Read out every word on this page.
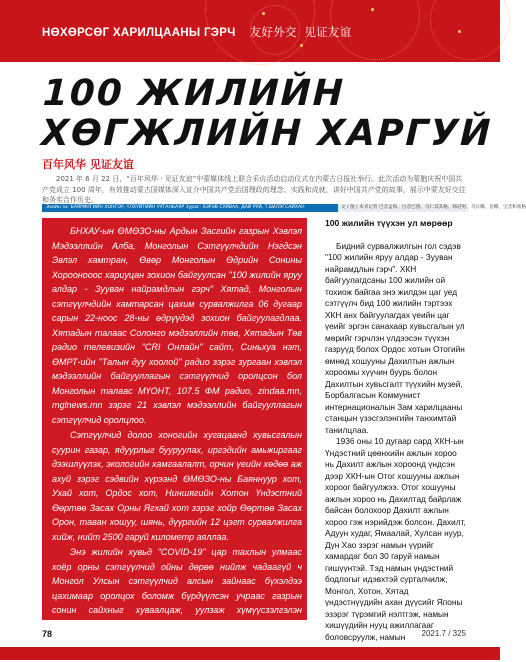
НӨХӨРСӨГ ХАРИЛЦААНЫ ГЭРЧ 友好外交 见证友谊
100 ЖИЛИЙН
ХӨГЖЛИЙН ХАРГУЙ
百年风华 见证友谊
2021 年 6 月 22 日，“百年风华 · 见证友谊”中蒙媒体线上联合采访活动启动仪式在内蒙古日报社举行。此次活动为蒙胞庆祝中国共产党成立 100 周年，有效推动蒙古国媒体深入宣介中国共产党治国理政的理念、实践和成就，讲好中国共产党的故事，展示中蒙友好交往和务实合作历史。
Эхийн эх: БАЯРИНГИЙН ХОНГОР, ҮЛХҮЙТИЙН УУГАНБАЯР Зураг: ХЭРЭВ СУЙВАА, ДАЙ РУЙ, Т.БИЛЭГСАЙХАН	文 / 图 | 本刊记者 巴音孟和、白音巴图、乌仁其其格、韩冠男、乌日娜、倍娜、宝音和希格

БНХАУ-ын ӨМӨЗО-ны Ардын Засгийн газрын Хэвлэл Мэдээллийн Алба, Монголын Сэтгүүлчдийн Нэгдсэн Эвлэл хамтран, Өвөр Монголын Өдрийн Сонины Хороонооос хариуцан зохион байгуулсан "100 жилийн яруу алдар - Зууван найрамдлын гэрч" Хятад, Монголын сэтгүүлчдийн хамтарсан цахим сурвалжилга 06 дугаар сарын 22-ноос 28-ны өдрүүдэд зохион байгуулагдлаа. Хятадын талаас Солонго мэдээллийн төв, Хятадын Төв радио телевизийн "CRI Онлайн" сайт, Синьхуа нэт, ӨМРТ-ийн "Талын дуу хоолой" радио зэрэг зургаан хэвлэл мэдээллийн байгууллагын сэтгүүлчид оролцсон бол Монголын талаас МҮОНТ, 107.5 ФМ радио, zindaa.mn, mglnews.mn зэрэг 21 хэвлэл мэдээллийн байгууллагын сэтгүүлчид оролцлоо.

Сэтгүүлчид долоо хоногийн хугацаанд хувьсгалын суурин газар, ядуурлыг бууруулах, иргэдийн амьжиргааг дээшлүүлэх, экологийн хамгаалалт, орчин үеийн хөдөө аж ахуй зэрэг сэдвийн хүрээнд ӨМӨЗО-ны Баяннуур хот, Ухай хот, Ордос хот, Ниншягийн Хотон Үндэстний Өөртөө Засах Орны Ягхай хот зэрэг хойр Өөртөө Засах Орон, таван хошуу, шянь, дүүргийн 12 цэгт сурвалжилга хийж, нийт 2500 гаруй километр аяллаа.

Энэ жилийн хувьд "COVID-19" цар тахлын улмаас хоёр орны сэтгүүлчид ойны дөрөө нийлж чадаагүй ч Монгол Улсын сэтгүүлчид алсын зайнаас бүхэлдээ цахимаар оролцох боломж бүрдүүлсэн учраас газрын сонин сайхныг хуваалцаж, уулзаж хүмүүсзэлгэлэн дэлгэцийн цаанаас харилцуулан газар дээрээс нь нехүцэл байдалтай танилцах боломж олгож хэсэн нь энэ удаагийн

100 жилийн түүхэн ул мөрөөр

Бидний сурвалжилгын гол сэдэв "100 жилийн яруу алдар - Зууван найрамдлын гэрч". ХКН байгуулагдсаны 100 жилийн ой тохиож байгаа энэ жилдэн цаг уед сэтгүүлч бид 100 жилийн тэртээх ХКН анх байгуулагдах үеийн цаг үеийг эргэн санахаар хувьсгалын ул мөрийг гэрчлэн үлдээсэн түүхэн газруүд болох Ордос хотын Отогийн өмнөд хошууны Дахилтын ажлын хороомы хүүчин буурь болон Дахилтын хувьсгалт түүхийн музей, Борбалгасын Коммунист интернационалын Зам харилцааны станцын үзэсгэлэнгийн танхимтай танилцлаа.

1936 оны 10 дугаар сард ХКН-ын Үндэстний цөөнхийн ажлын хороо нь Дахилт ажлын хороонд үндсэн дээр ХКН-ын Отог хошууны ажлын хороог байгуулжээ. Отог хошууны ажлын хороо нь Дахилтад байрлаж байсан болохоор Дахилт ажлын хороо гэж нэрийдэж болсон. Дахилт, Адуун худаг, Ямаалай, Хулсан нуур, Дүн Хао зэрэг намын үүрийг хамардаг бол 30 гаруй намын гишүүнтэй. Тэд намын үндэстний бодлогыг идэвхтэй сурталчилж, Монгол, Хотон, Хятад үндэстнүүдийн ахан дүүсийг Японы эзэрэг түрэмгий нэлтгэж, намын хишүүдийн нууц ажиллагааг боловсруулж, намын

78	2021.7 / 325
